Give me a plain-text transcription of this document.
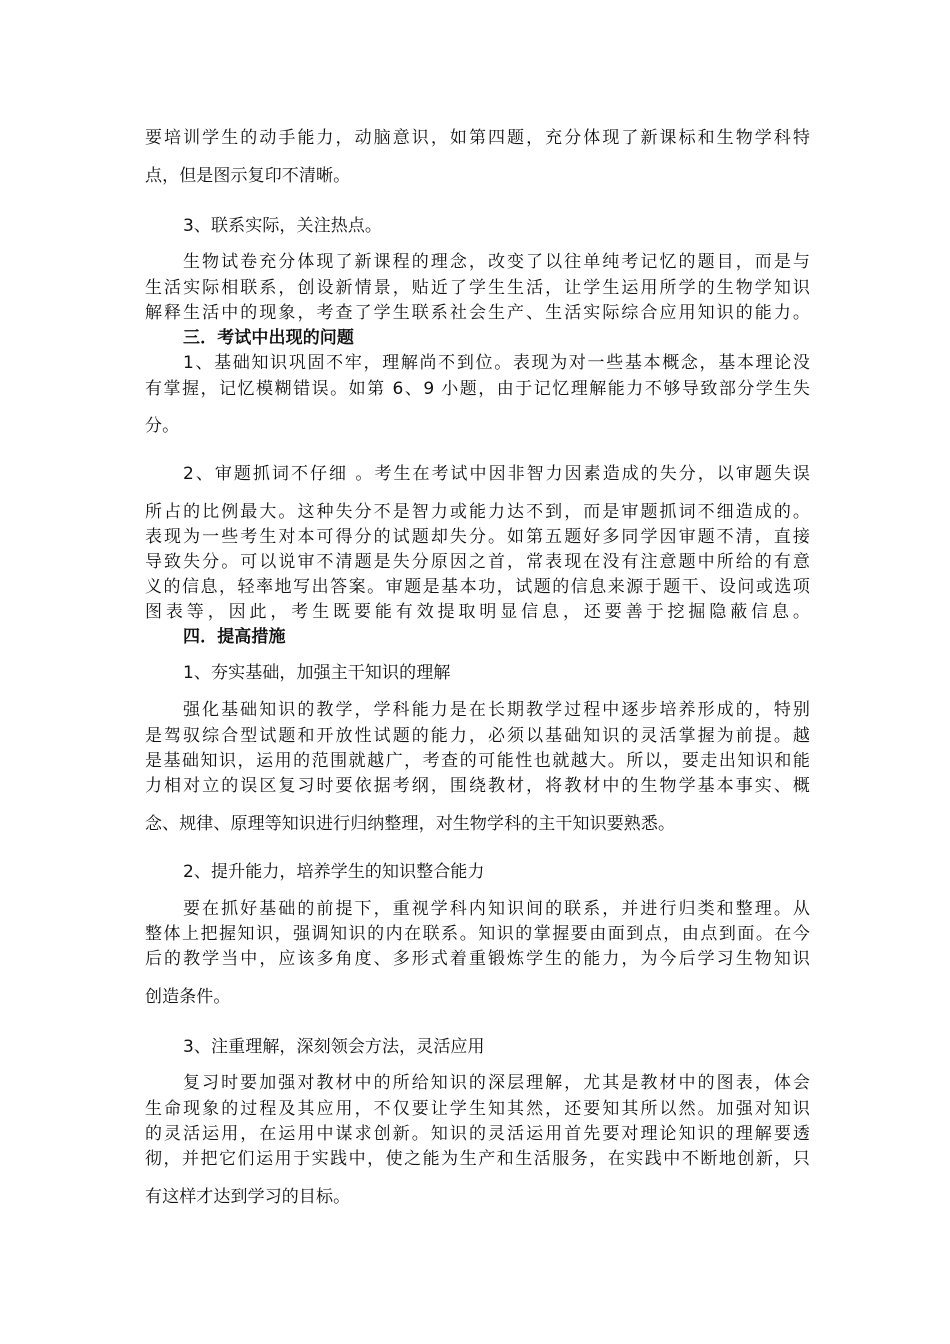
要培训学生的动手能力，动脑意识，如第四题，充分体现了新课标和生物学科特
点，但是图示复印不清晰。
3、联系实际，关注热点。
生物试卷充分体现了新课程的理念，改变了以往单纯考记忆的题目，而是与
生活实际相联系，创设新情景，贴近了学生生活，让学生运用所学的生物学知识
解释生活中的现象，考查了学生联系社会生产、生活实际综合应用知识的能力。
三．考试中出现的问题
1、基础知识巩固不牢，理解尚不到位。表现为对一些基本概念，基本理论没
有掌握，记忆模糊错误。如第 6、9 小题，由于记忆理解能力不够导致部分学生失
分。
2、审题抓词不仔细 。考生在考试中因非智力因素造成的失分，以审题失误
所占的比例最大。这种失分不是智力或能力达不到，而是审题抓词不细造成的。
表现为一些考生对本可得分的试题却失分。如第五题好多同学因审题不清，直接
导致失分。可以说审不清题是失分原因之首，常表现在没有注意题中所给的有意
义的信息，轻率地写出答案。审题是基本功，试题的信息来源于题干、设问或选项
图表等，因此，考生既要能有效提取明显信息，还要善于挖掘隐蔽信息。
四．提高措施
1、夯实基础，加强主干知识的理解
强化基础知识的教学，学科能力是在长期教学过程中逐步培养形成的，特别
是驾驭综合型试题和开放性试题的能力，必须以基础知识的灵活掌握为前提。越
是基础知识，运用的范围就越广，考查的可能性也就越大。所以，要走出知识和能
力相对立的误区复习时要依据考纲，围绕教材，将教材中的生物学基本事实、概
念、规律、原理等知识进行归纳整理，对生物学科的主干知识要熟悉。
2、提升能力，培养学生的知识整合能力
要在抓好基础的前提下，重视学科内知识间的联系，并进行归类和整理。从
整体上把握知识，强调知识的内在联系。知识的掌握要由面到点，由点到面。在今
后的教学当中，应该多角度、多形式着重锻炼学生的能力，为今后学习生物知识
创造条件。
3、注重理解，深刻领会方法，灵活应用
复习时要加强对教材中的所给知识的深层理解，尤其是教材中的图表，体会
生命现象的过程及其应用，不仅要让学生知其然，还要知其所以然。加强对知识
的灵活运用，在运用中谋求创新。知识的灵活运用首先要对理论知识的理解要透
彻，并把它们运用于实践中，使之能为生产和生活服务，在实践中不断地创新，只
有这样才达到学习的目标。
